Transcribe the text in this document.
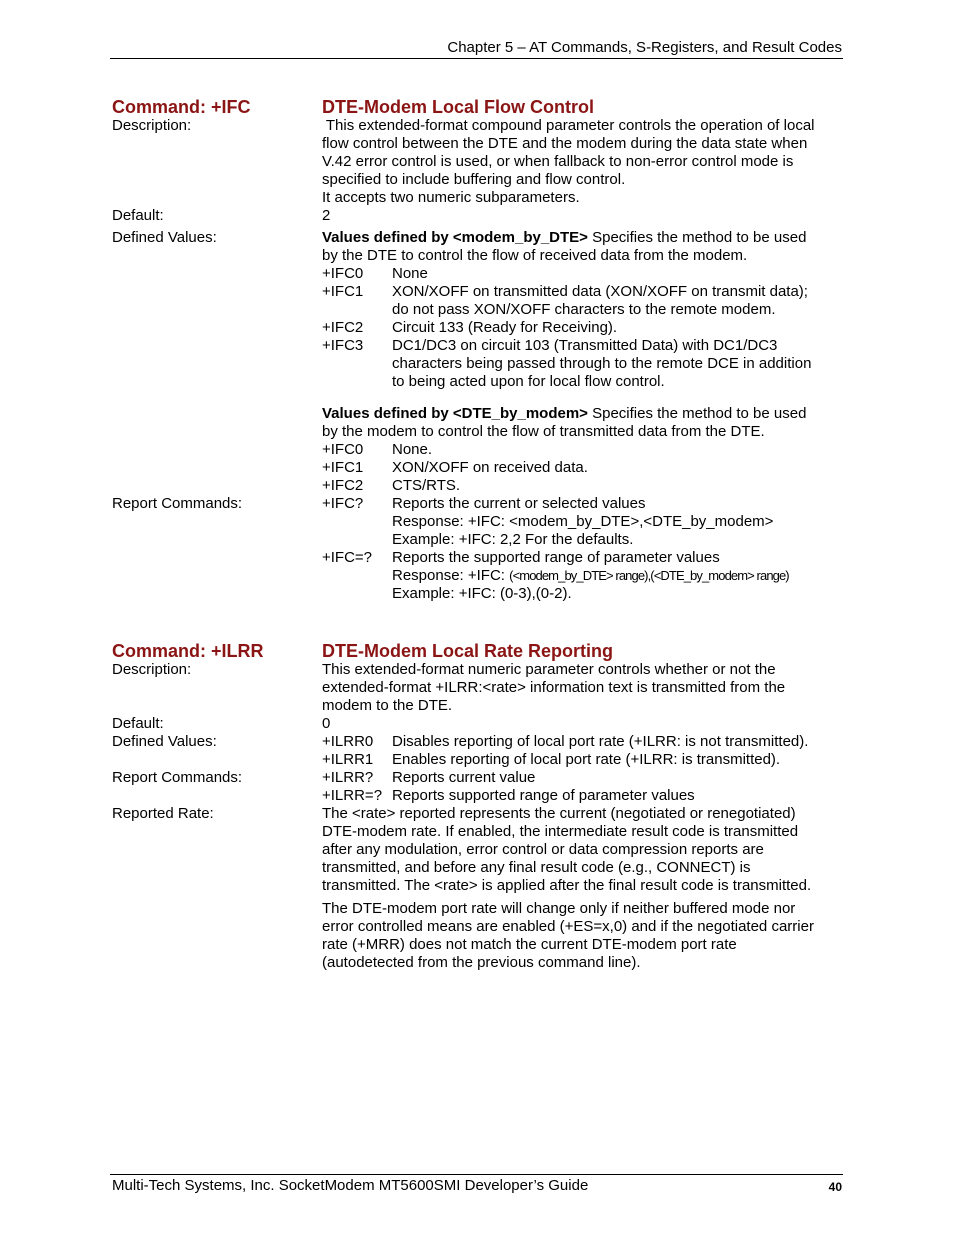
Chapter 5 – AT Commands, S-Registers, and Result Codes
Command: +IFC	DTE-Modem Local Flow Control
Description:	This extended-format compound parameter controls the operation of local
flow control between the DTE and the modem during the data state when
V.42 error control is used, or when fallback to non-error control mode is
specified to include buffering and flow control.
It accepts two numeric subparameters.
Default:	2
Defined Values:	Values defined by <modem_by_DTE> Specifies the method to be used
by the DTE to control the flow of received data from the modem.
+IFC0 None
+IFC1 XON/XOFF on transmitted data (XON/XOFF on transmit data);
do not pass XON/XOFF characters to the remote modem.
+IFC2 Circuit 133 (Ready for Receiving).
+IFC3 DC1/DC3 on circuit 103 (Transmitted Data) with DC1/DC3
characters being passed through to the remote DCE in addition
to being acted upon for local flow control.
Values defined by <DTE_by_modem> Specifies the method to be used
by the modem to control the flow of transmitted data from the DTE.
+IFC0 None.
+IFC1 XON/XOFF on received data.
+IFC2 CTS/RTS.
Report Commands:	+IFC? Reports the current or selected values
Response: +IFC: <modem_by_DTE>,<DTE_by_modem>
Example: +IFC: 2,2 For the defaults.
+IFC=? Reports the supported range of parameter values
Response: +IFC: (<modem_by_DTE> range),(<DTE_by_modem> range)
Example: +IFC: (0-3),(0-2).
Command: +ILRR	DTE-Modem Local Rate Reporting
Description:	This extended-format numeric parameter controls whether or not the
extended-format +ILRR:<rate> information text is transmitted from the
modem to the DTE.
Default:	0
Defined Values:	+ILRR0 Disables reporting of local port rate (+ILRR: is not transmitted).
+ILRR1 Enables reporting of local port rate (+ILRR: is transmitted).
Report Commands:	+ILRR? Reports current value
+ILRR=? Reports supported range of parameter values
Reported Rate:	The <rate> reported represents the current (negotiated or renegotiated)
DTE-modem rate. If enabled, the intermediate result code is transmitted
after any modulation, error control or data compression reports are
transmitted, and before any final result code (e.g., CONNECT) is
transmitted. The <rate> is applied after the final result code is transmitted.
The DTE-modem port rate will change only if neither buffered mode nor
error controlled means are enabled (+ES=x,0) and if the negotiated carrier
rate (+MRR) does not match the current DTE-modem port rate
(autodetected from the previous command line).
Multi-Tech Systems, Inc. SocketModem MT5600SMI Developer’s Guide	40
